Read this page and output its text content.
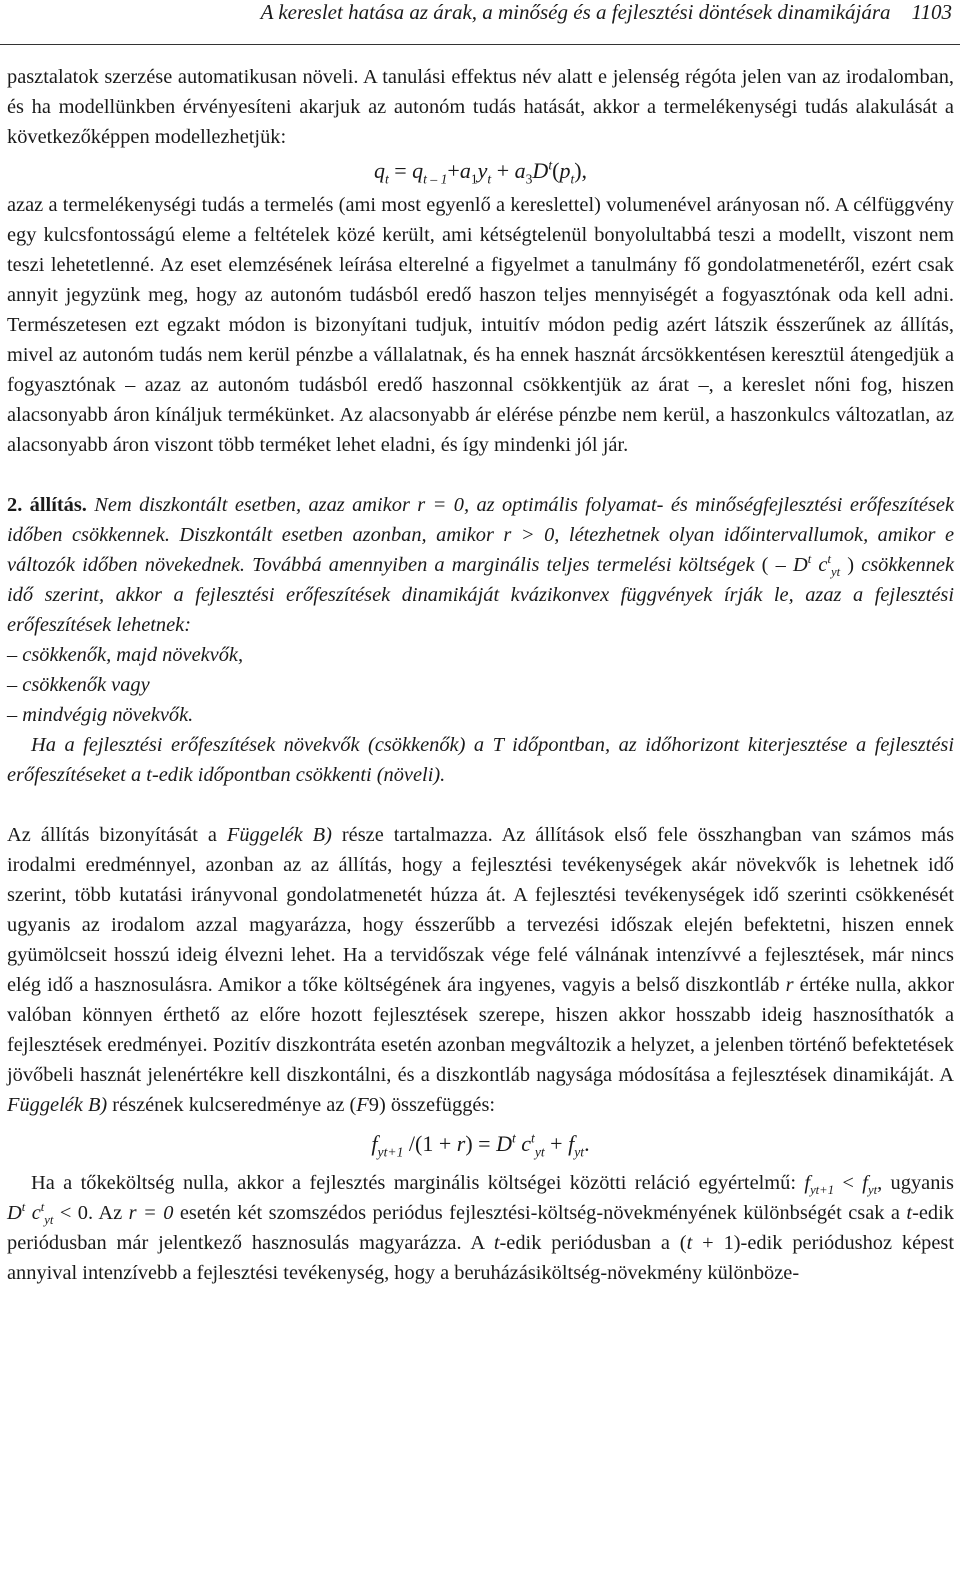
A kereslet hatása az árak, a minőség és a fejlesztési döntések dinamikájára 1103

pasztalatok szerzése automatikusan növeli. A tanulási effektus név alatt e jelenség régóta jelen van az irodalomban, és ha modellünkben érvényesíteni akarjuk az autonóm tudás hatását, akkor a termelékenységi tudás alakulását a következőképpen modellezhetjük:

$q_t = q_{t - 1}+a_1y_t + a_3D^t(p_t)$,

azaz a termelékenységi tudás a termelés (ami most egyenlő a kereslettel) volumenével arányosan nő. A célfüggvény egy kulcsfontosságú eleme a feltételek közé került, ami kétségtelenül bonyolultabbá teszi a modellt, viszont nem teszi lehetetlenné. Az eset elemzésének leírása elterelné a figyelmet a tanulmány fő gondolatmenetéről, ezért csak annyit jegyzünk meg, hogy az autonóm tudásból eredő haszon teljes mennyiségét a fogyasztónak oda kell adni. Természetesen ezt egzakt módon is bizonyítani tudjuk, intuitív módon pedig azért látszik ésszerűnek az állítás, mivel az autonóm tudás nem kerül pénzbe a vállalatnak, és ha ennek hasznát árcsökkentésen keresztül átengedjük a fogyasztónak – azaz az autonóm tudásból eredő haszonnal csökkentjük az árat –, a kereslet nőni fog, hiszen alacsonyabb áron kínáljuk termékünket. Az alacsonyabb ár elérése pénzbe nem kerül, a haszonkulcs változatlan, az alacsonyabb áron viszont több terméket lehet eladni, és így mindenki jól jár.

2. állítás. Nem diszkontált esetben, azaz amikor r = 0, az optimális folyamat- és minőségfejlesztési erőfeszítések időben csökkennek. Diszkontált esetben azonban, amikor r > 0, létezhetnek olyan időintervallumok, amikor e változók időben növekednek. Továbbá amennyiben a marginális teljes termelési költségek ( – $D^t$ $c^t_{yt}$ ) csökkennek idő szerint, akkor a fejlesztési erőfeszítések dinamikáját kvázikonvex függvények írják le, azaz a fejlesztési erőfeszítések lehetnek:

– csökkenők, majd növekvők,

– csökkenők vagy

– mindvégig növekvők.

Ha a fejlesztési erőfeszítések növekvők (csökkenők) a T időpontban, az időhorizont kiterjesztése a fejlesztési erőfeszítéseket a t-edik időpontban csökkenti (növeli).

Az állítás bizonyítását a Függelék B) része tartalmazza. Az állítások első fele összhangban van számos más irodalmi eredménnyel, azonban az az állítás, hogy a fejlesztési tevékenységek akár növekvők is lehetnek idő szerint, több kutatási irányvonal gondolatmenetét húzza át. A fejlesztési tevékenységek idő szerinti csökkenését ugyanis az irodalom azzal magyarázza, hogy ésszerűbb a tervezési időszak elején befektetni, hiszen ennek gyümölcseit hosszú ideig élvezni lehet. Ha a tervidőszak vége felé válnának intenzívvé a fejlesztések, már nincs elég idő a hasznosulásra. Amikor a tőke költségének ára ingyenes, vagyis a belső diszkontláb r értéke nulla, akkor valóban könnyen érthető az előre hozott fejlesztések szerepe, hiszen akkor hosszabb ideig hasznosíthatók a fejlesztések eredményei. Pozitív diszkontráta esetén azonban megváltozik a helyzet, a jelenben történő befektetések jövőbeli hasznát jelenértékre kell diszkontálni, és a diszkontláb nagysága módosítása a fejlesztések dinamikáját. A Függelék B) részének kulcseredménye az (F9) összefüggés:

$f_{yt+1}$ $/(1 + r) = D^t$ $c^t_{yt} + f_{yt}$.

Ha a tőkeköltség nulla, akkor a fejlesztés marginális költségei közötti reláció egyértelmű: $f_{yt+1} < f_{yt}$, ugyanis $D^t$ $c^t_{yt} < 0$. Az r = 0 esetén két szomszédos periódus fejlesztési-költség-növekményének különbségét csak a t-edik periódusban már jelentkező hasznosulás magyarázza. A t-edik periódusban a (t + 1)-edik periódushoz képest annyival intenzívebb a fejlesztési tevékenység, hogy a beruházásiköltség-növekmény különböze-
